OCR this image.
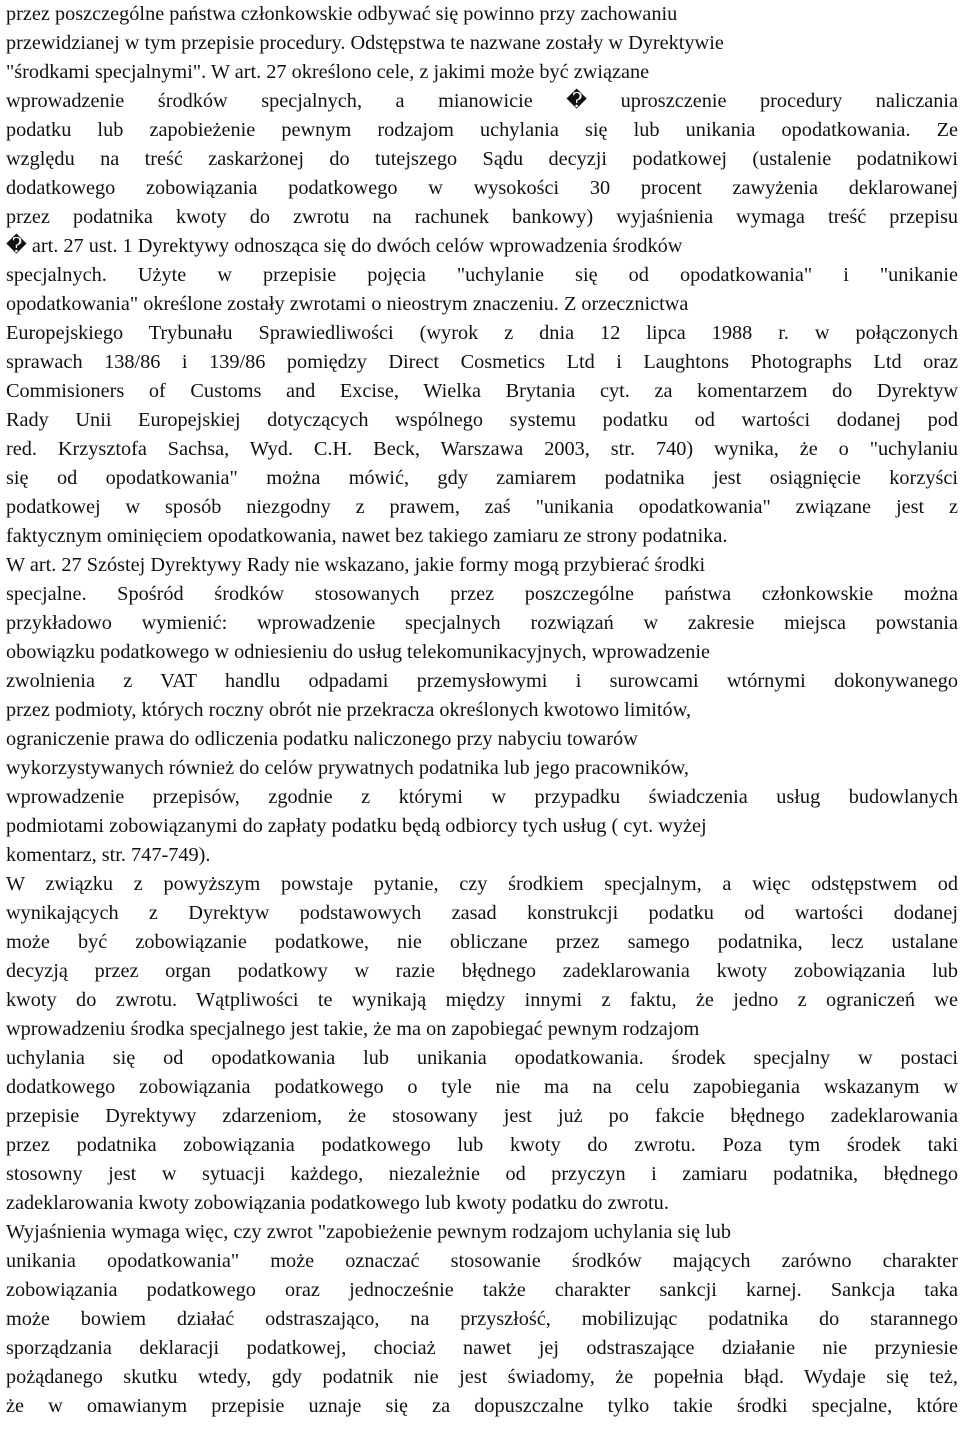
przez poszczególne państwa członkowskie odbywać się powinno przy zachowaniu
przewidzianej w tym przepisie procedury. Odstępstwa te nazwane zostały w Dyrektywie
"środkami specjalnymi". W art. 27 określono cele, z jakimi może być związane
wprowadzenie środków specjalnych, a mianowicie � uproszczenie procedury naliczania
podatku lub zapobieżenie pewnym rodzajom uchylania się lub unikania opodatkowania. Ze
względu na treść zaskarżonej do tutejszego Sądu decyzji podatkowej (ustalenie podatnikowi
dodatkowego zobowiązania podatkowego w wysokości 30 procent zawyżenia deklarowanej
przez podatnika kwoty do zwrotu na rachunek bankowy) wyjaśnienia wymaga treść przepisu
� art. 27 ust. 1 Dyrektywy odnosząca się do dwóch celów wprowadzenia środków
specjalnych. Użyte w przepisie pojęcia "uchylanie się od opodatkowania" i "unikanie
opodatkowania" określone zostały zwrotami o nieostrym znaczeniu. Z orzecznictwa
Europejskiego Trybunału Sprawiedliwości (wyrok z dnia 12 lipca 1988 r. w połączonych
sprawach 138/86 i 139/86 pomiędzy Direct Cosmetics Ltd i Laughtons Photographs Ltd oraz
Commisioners of Customs and Excise, Wielka Brytania cyt. za komentarzem do Dyrektyw
Rady Unii Europejskiej dotyczących wspólnego systemu podatku od wartości dodanej pod
red. Krzysztofa Sachsa, Wyd. C.H. Beck, Warszawa 2003, str. 740) wynika, że o "uchylaniu
się od opodatkowania" można mówić, gdy zamiarem podatnika jest osiągnięcie korzyści
podatkowej w sposób niezgodny z prawem, zaś "unikania opodatkowania" związane jest z
faktycznym ominięciem opodatkowania, nawet bez takiego zamiaru ze strony podatnika.
W art. 27 Szóstej Dyrektywy Rady nie wskazano, jakie formy mogą przybierać środki
specjalne. Spośród środków stosowanych przez poszczególne państwa członkowskie można
przykładowo wymienić: wprowadzenie specjalnych rozwiązań w zakresie miejsca powstania
obowiązku podatkowego w odniesieniu do usług telekomunikacyjnych, wprowadzenie
zwolnienia z VAT handlu odpadami przemysłowymi i surowcami wtórnymi dokonywanego
przez podmioty, których roczny obrót nie przekracza określonych kwotowo limitów,
ograniczenie prawa do odliczenia podatku naliczonego przy nabyciu towarów
wykorzystywanych również do celów prywatnych podatnika lub jego pracowników,
wprowadzenie przepisów, zgodnie z którymi w przypadku świadczenia usług budowlanych
podmiotami zobowiązanymi do zapłaty podatku będą odbiorcy tych usług ( cyt. wyżej
komentarz, str. 747-749).
W związku z powyższym powstaje pytanie, czy środkiem specjalnym, a więc odstępstwem od
wynikających z Dyrektyw podstawowych zasad konstrukcji podatku od wartości dodanej
może być zobowiązanie podatkowe, nie obliczane przez samego podatnika, lecz ustalane
decyzją przez organ podatkowy w razie błędnego zadeklarowania kwoty zobowiązania lub
kwoty do zwrotu. Wątpliwości te wynikają między innymi z faktu, że jedno z ograniczeń we
wprowadzeniu środka specjalnego jest takie, że ma on zapobiegać pewnym rodzajom
uchylania się od opodatkowania lub unikania opodatkowania. środek specjalny w postaci
dodatkowego zobowiązania podatkowego o tyle nie ma na celu zapobiegania wskazanym w
przepisie Dyrektywy zdarzeniom, że stosowany jest już po fakcie błędnego zadeklarowania
przez podatnika zobowiązania podatkowego lub kwoty do zwrotu. Poza tym środek taki
stosowny jest w sytuacji każdego, niezależnie od przyczyn i zamiaru podatnika, błędnego
zadeklarowania kwoty zobowiązania podatkowego lub kwoty podatku do zwrotu.
Wyjaśnienia wymaga więc, czy zwrot "zapobieżenie pewnym rodzajom uchylania się lub
unikania opodatkowania" może oznaczać stosowanie środków mających zarówno charakter
zobowiązania podatkowego oraz jednocześnie także charakter sankcji karnej. Sankcja taka
może bowiem działać odstraszająco, na przyszłość, mobilizując podatnika do starannego
sporządzania deklaracji podatkowej, chociaż nawet jej odstraszające działanie nie przyniesie
pożądanego skutku wtedy, gdy podatnik nie jest świadomy, że popełnia błąd. Wydaje się też,
że w omawianym przepisie uznaje się za dopuszczalne tylko takie środki specjalne, które
